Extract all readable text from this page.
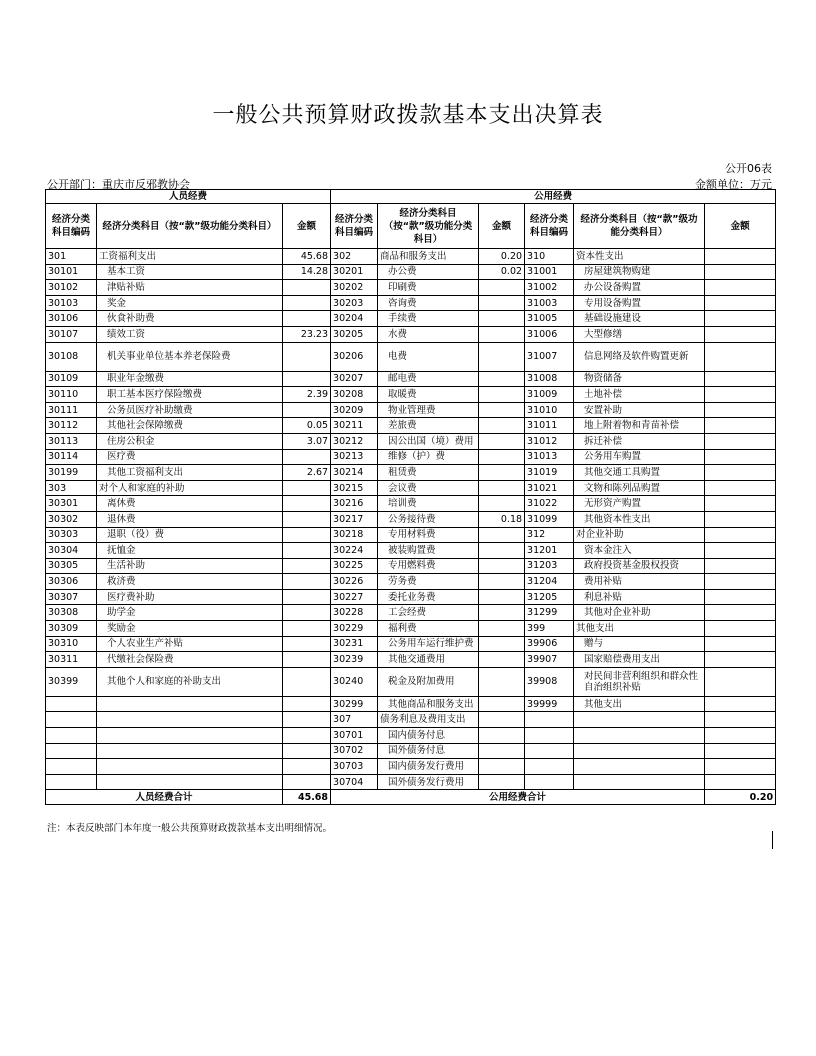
一般公共预算财政拨款基本支出决算表
公开06表
公开部门：重庆市反邪教协会	金额单位：万元
人员经费			公用经费					
经济分类科目编码	经济分类科目（按“款”级功能分类科目）	金额	经济分类科目编码	经济分类科目（按“款”级功能分类科目）	金额	经济分类科目编码	经济分类科目（按“款”级功能分类科目）	金额
301	工资福利支出	45.68	302	商品和服务支出	0.20	310	资本性支出	
30101	基本工资	14.28	30201	办公费	0.02	31001	房屋建筑物购建	
30102	津贴补贴		30202	印刷费		31002	办公设备购置	
30103	奖金		30203	咨询费		31003	专用设备购置	
30106	伙食补助费		30204	手续费		31005	基础设施建设	
30107	绩效工资	23.23	30205	水费		31006	大型修缮	
30108	机关事业单位基本养老保险费		30206	电费		31007	信息网络及软件购置更新	
30109	职业年金缴费		30207	邮电费		31008	物资储备	
30110	职工基本医疗保险缴费	2.39	30208	取暖费		31009	土地补偿	
30111	公务员医疗补助缴费		30209	物业管理费		31010	安置补助	
30112	其他社会保障缴费	0.05	30211	差旅费		31011	地上附着物和青苗补偿	
30113	住房公积金	3.07	30212	因公出国（境）费用		31012	拆迁补偿	
30114	医疗费		30213	维修（护）费		31013	公务用车购置	
30199	其他工资福利支出	2.67	30214	租赁费		31019	其他交通工具购置	
303	对个人和家庭的补助		30215	会议费		31021	文物和陈列品购置	
30301	离休费		30216	培训费		31022	无形资产购置	
30302	退休费		30217	公务接待费	0.18	31099	其他资本性支出	
30303	退职（役）费		30218	专用材料费		312	对企业补助	
30304	抚恤金		30224	被装购置费		31201	资本金注入	
30305	生活补助		30225	专用燃料费		31203	政府投资基金股权投资	
30306	救济费		30226	劳务费		31204	费用补贴	
30307	医疗费补助		30227	委托业务费		31205	利息补贴	
30308	助学金		30228	工会经费		31299	其他对企业补助	
30309	奖励金		30229	福利费		399	其他支出	
30310	个人农业生产补贴		30231	公务用车运行维护费		39906	赠与	
30311	代缴社会保险费		30239	其他交通费用		39907	国家赔偿费用支出	
30399	其他个人和家庭的补助支出		30240	税金及附加费用		39908	对民间非营利组织和群众性自治组织补贴	
			30299	其他商品和服务支出		39999	其他支出	
			307	债务利息及费用支出				
			30701	国内债务付息				
			30702	国外债务付息				
			30703	国内债务发行费用				
			30704	国外债务发行费用				
人员经费合计		45.68	公用经费合计					0.20
注：本表反映部门本年度一般公共预算财政拨款基本支出明细情况。
